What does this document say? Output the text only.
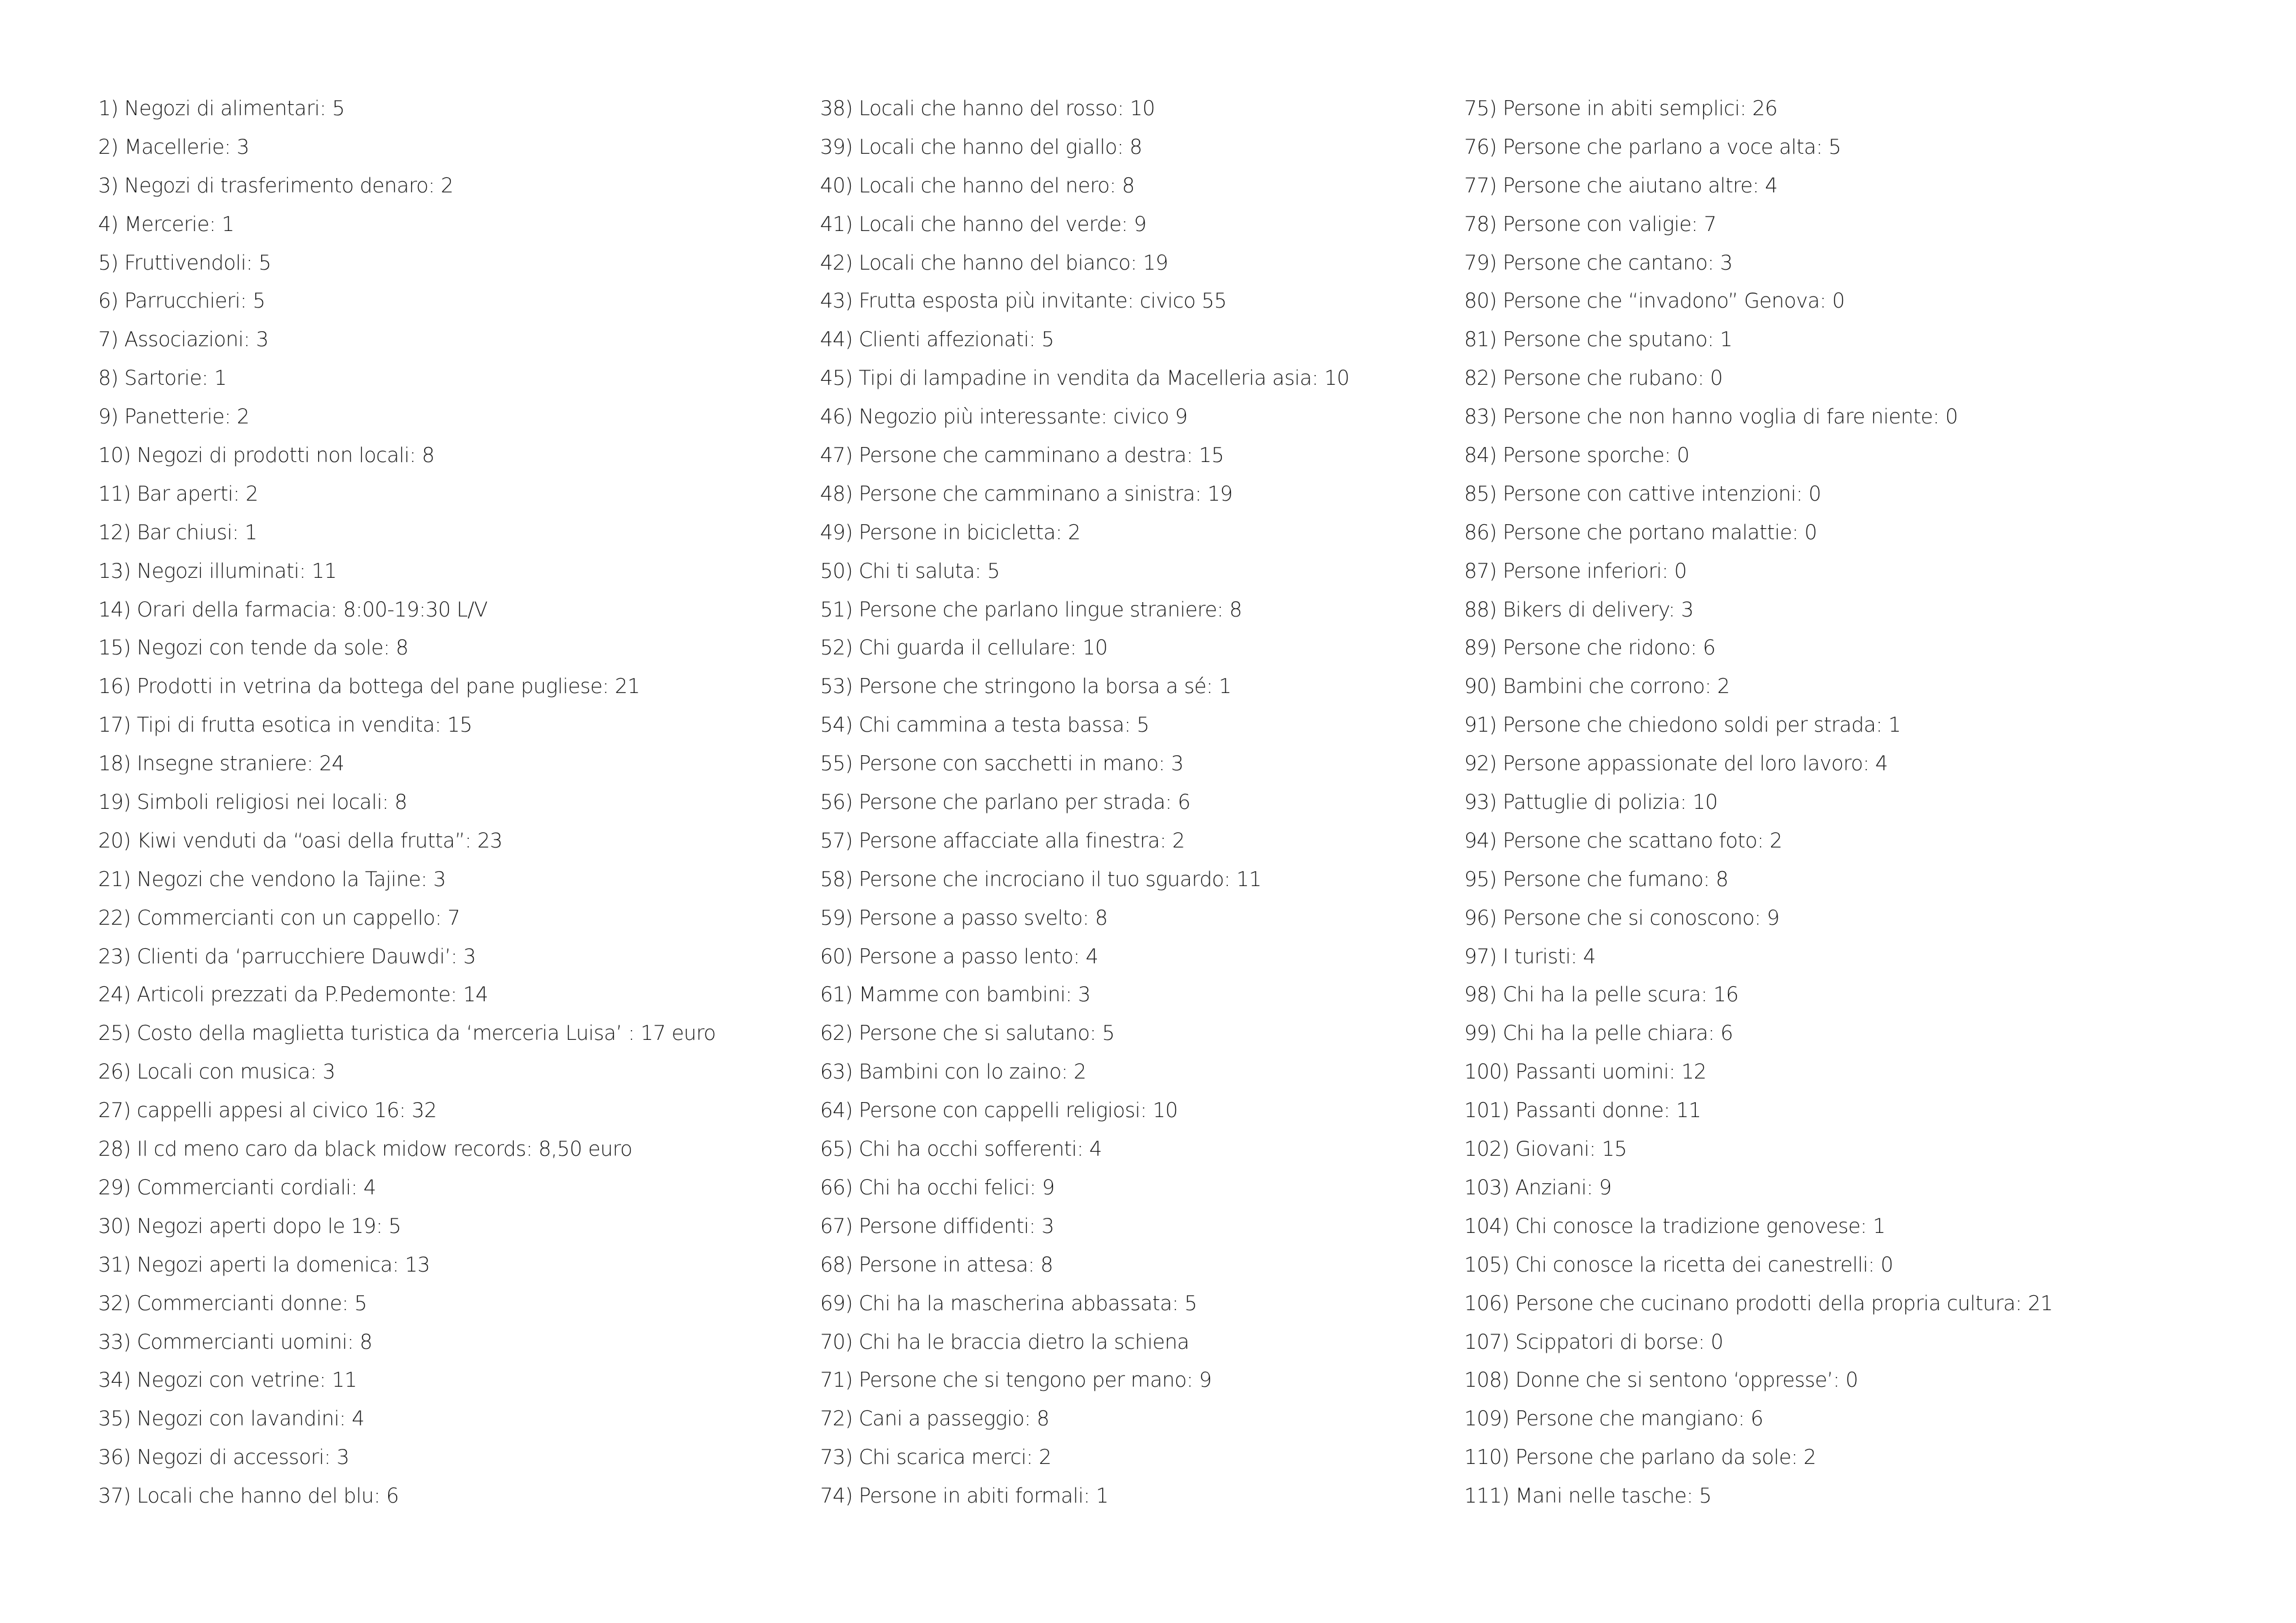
1) Negozi di alimentari: 5
2) Macellerie: 3
3) Negozi di trasferimento denaro: 2
4) Mercerie: 1
5) Fruttivendoli: 5
6) Parrucchieri: 5
7) Associazioni: 3
8) Sartorie: 1
9) Panetterie: 2
10) Negozi di prodotti non locali: 8
11) Bar aperti: 2
12) Bar chiusi: 1
13) Negozi illuminati: 11
14) Orari della farmacia: 8:00-19:30 L/V
15) Negozi con tende da sole: 8
16) Prodotti in vetrina da bottega del pane pugliese: 21
17) Tipi di frutta esotica in vendita: 15
18) Insegne straniere: 24
19) Simboli religiosi nei locali: 8
20) Kiwi venduti da “oasi della frutta”: 23
21) Negozi che vendono la Tajine: 3
22) Commercianti con un cappello: 7
23) Clienti da ‘parrucchiere Dauwdi’: 3
24) Articoli prezzati da P.Pedemonte: 14
25) Costo della maglietta turistica da ‘merceria Luisa’ : 17 euro
26) Locali con musica: 3
27) cappelli appesi al civico 16: 32
28) Il cd meno caro da black midow records: 8,50 euro
29) Commercianti cordiali: 4
30) Negozi aperti dopo le 19: 5
31) Negozi aperti la domenica: 13
32) Commercianti donne: 5
33) Commercianti uomini: 8
34) Negozi con vetrine: 11
35) Negozi con lavandini: 4
36) Negozi di accessori: 3
37) Locali che hanno del blu: 6
38) Locali che hanno del rosso: 10
39) Locali che hanno del giallo: 8
40) Locali che hanno del nero: 8
41) Locali che hanno del verde: 9
42) Locali che hanno del bianco: 19
43) Frutta esposta più invitante: civico 55
44) Clienti affezionati: 5
45) Tipi di lampadine in vendita da Macelleria asia: 10
46) Negozio più interessante: civico 9
47) Persone che camminano a destra: 15
48) Persone che camminano a sinistra: 19
49) Persone in bicicletta: 2
50) Chi ti saluta: 5
51) Persone che parlano lingue straniere: 8
52) Chi guarda il cellulare: 10
53) Persone che stringono la borsa a sé: 1
54) Chi cammina a testa bassa: 5
55) Persone con sacchetti in mano: 3
56) Persone che parlano per strada: 6
57) Persone affacciate alla finestra: 2
58) Persone che incrociano il tuo sguardo: 11
59) Persone a passo svelto: 8
60) Persone a passo lento: 4
61) Mamme con bambini: 3
62) Persone che si salutano: 5
63) Bambini con lo zaino: 2
64) Persone con cappelli religiosi: 10
65) Chi ha occhi sofferenti: 4
66) Chi ha occhi felici: 9
67) Persone diffidenti: 3
68) Persone in attesa: 8
69) Chi ha la mascherina abbassata: 5
70) Chi ha le braccia dietro la schiena
71) Persone che si tengono per mano: 9
72) Cani a passeggio: 8
73) Chi scarica merci: 2
74) Persone in abiti formali: 1
75) Persone in abiti semplici: 26
76) Persone che parlano a voce alta: 5
77) Persone che aiutano altre: 4
78) Persone con valigie: 7
79) Persone che cantano: 3
80) Persone che “invadono” Genova: 0
81) Persone che sputano: 1
82) Persone che rubano: 0
83) Persone che non hanno voglia di fare niente: 0
84) Persone sporche: 0
85) Persone con cattive intenzioni: 0
86) Persone che portano malattie: 0
87) Persone inferiori: 0
88) Bikers di delivery: 3
89) Persone che ridono: 6
90) Bambini che corrono: 2
91) Persone che chiedono soldi per strada: 1
92) Persone appassionate del loro lavoro: 4
93) Pattuglie di polizia: 10
94) Persone che scattano foto: 2
95) Persone che fumano: 8
96) Persone che si conoscono: 9
97) I turisti: 4
98) Chi ha la pelle scura: 16
99) Chi ha la pelle chiara: 6
100) Passanti uomini: 12
101) Passanti donne: 11
102) Giovani: 15
103) Anziani: 9
104) Chi conosce la tradizione genovese: 1
105) Chi conosce la ricetta dei canestrelli: 0
106) Persone che cucinano prodotti della propria cultura: 21
107) Scippatori di borse: 0
108) Donne che si sentono ‘oppresse’: 0
109) Persone che mangiano: 6
110) Persone che parlano da sole: 2
111) Mani nelle tasche: 5
